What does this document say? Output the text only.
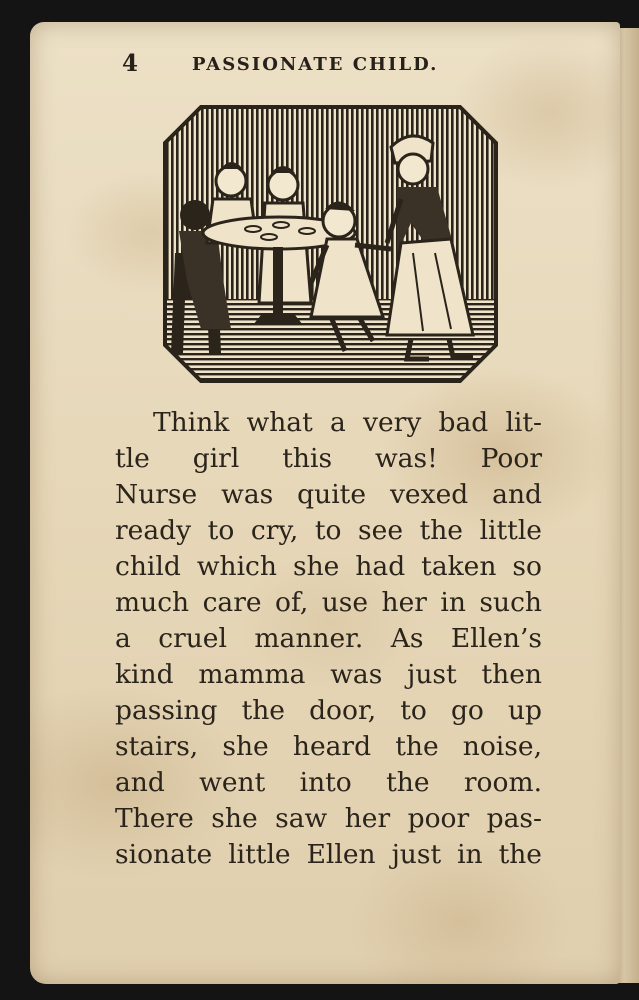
4	PASSIONATE CHILD.
Think what a very bad lit-
tle girl this was! Poor
Nurse was quite vexed and
ready to cry, to see the little
child which she had taken so
much care of, use her in such
a cruel manner. As Ellen’s
kind mamma was just then
passing the door, to go up
stairs, she heard the noise,
and went into the room.
There she saw her poor pas-
sionate little Ellen just in the
